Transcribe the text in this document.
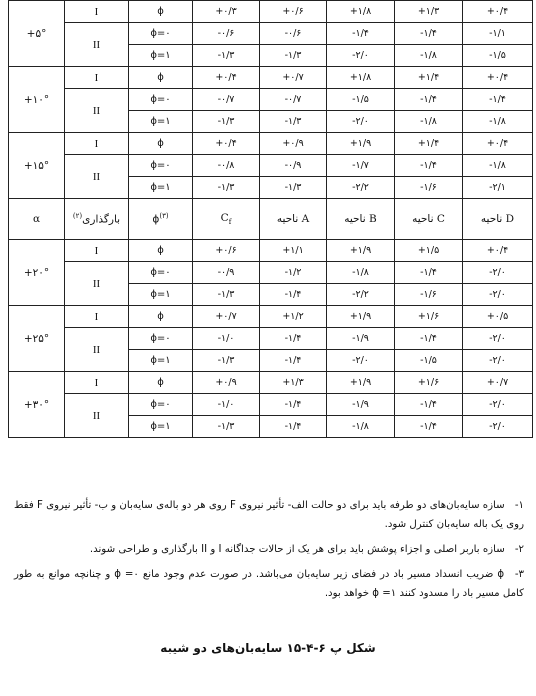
+۵°	I	ϕ	+۰/۳	+۰/۶	+۱/۸	+۱/۳	+۰/۴
	II	ϕ=۰	-۰/۶	-۰/۶	-۱/۴	-۱/۴	-۱/۱
		ϕ=۱	-۱/۳	-۱/۳	-۲/۰	-۱/۸	-۱/۵
+۱۰°	I	ϕ	+۰/۴	+۰/۷	+۱/۸	+۱/۴	+۰/۴
	II	ϕ=۰	-۰/۷	-۰/۷	-۱/۵	-۱/۴	-۱/۴
		ϕ=۱	-۱/۳	-۱/۳	-۲/۰	-۱/۸	-۱/۸
+۱۵°	I	ϕ	+۰/۴	+۰/۹	+۱/۹	+۱/۴	+۰/۴
	II	ϕ=۰	-۰/۸	-۰/۹	-۱/۷	-۱/۴	-۱/۸
		ϕ=۱	-۱/۳	-۱/۳	-۲/۲	-۱/۶	-۲/۱
α	بارگذاری$^{(۲)}$	$\phi^{(۳)}$	$C_f$	ناحیه A	ناحیه B	ناحیه C	ناحیه D
+۲۰°	I	ϕ	+۰/۶	+۱/۱	+۱/۹	+۱/۵	+۰/۴
	II	ϕ=۰	-۰/۹	-۱/۲	-۱/۸	-۱/۴	-۲/۰
		ϕ=۱	-۱/۳	-۱/۴	-۲/۲	-۱/۶	-۲/۰
+۲۵°	I	ϕ	+۰/۷	+۱/۲	+۱/۹	+۱/۶	+۰/۵
	II	ϕ=۰	-۱/۰	-۱/۴	-۱/۹	-۱/۴	-۲/۰
		ϕ=۱	-۱/۳	-۱/۴	-۲/۰	-۱/۵	-۲/۰
+۳۰°	I	ϕ	+۰/۹	+۱/۳	+۱/۹	+۱/۶	+۰/۷
	II	ϕ=۰	-۱/۰	-۱/۴	-۱/۹	-۱/۴	-۲/۰
		ϕ=۱	-۱/۳	-۱/۴	-۱/۸	-۱/۴	-۲/۰
۱- سازه سایه‌بان‌های دو طرفه باید برای دو حالت الف- تأثیر نیروی F روی هر دو باله‌ی سایه‌بان و ب- تأثیر نیروی F فقط روی یک باله سایه‌بان کنترل شود.
۲- سازه باربر اصلی و اجزاء پوشش باید برای هر یک از حالات جداگانه I و II بارگذاری و طراحی شوند.
۳- ϕ ضریب انسداد مسیر باد در فضای زیر سایه‌بان می‌باشد. در صورت عدم وجود مانع ۰= ϕ و چنانچه موانع به طور کامل مسیر باد را مسدود کنند ۱= ϕ خواهد بود.
شکل پ ۶-۴-۱۵ سایه‌بان‌های دو شیبه
